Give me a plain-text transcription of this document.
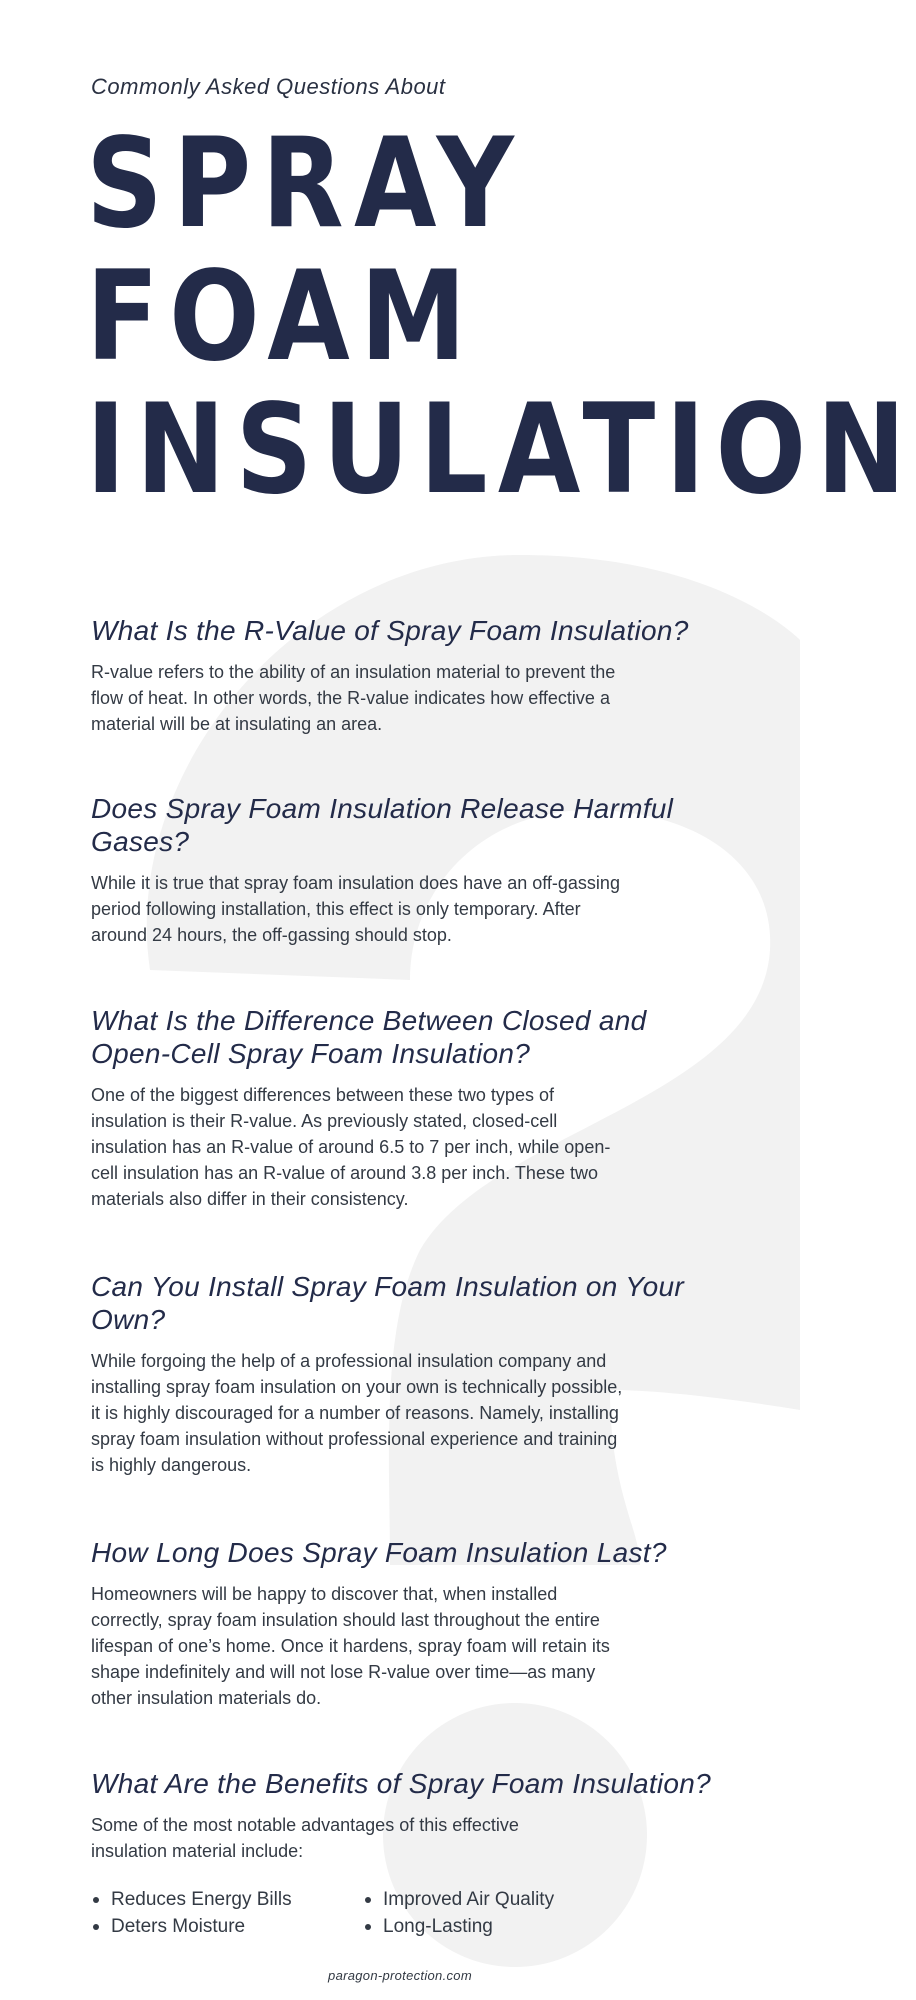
Commonly Asked Questions About

SPRAY
FOAM
INSULATION
What Is the R-Value of Spray Foam Insulation?

R-value refers to the ability of an insulation material to prevent the flow of heat. In other words, the R-value indicates how effective a material will be at insulating an area.

Does Spray Foam Insulation Release Harmful Gases?

While it is true that spray foam insulation does have an off-gassing period following installation, this effect is only temporary. After around 24 hours, the off-gassing should stop.

What Is the Difference Between Closed and Open-Cell Spray Foam Insulation?

One of the biggest differences between these two types of insulation is their R-value. As previously stated, closed-cell insulation has an R-value of around 6.5 to 7 per inch, while open-cell insulation has an R-value of around 3.8 per inch. These two materials also differ in their consistency.

Can You Install Spray Foam Insulation on Your Own?

While forgoing the help of a professional insulation company and installing spray foam insulation on your own is technically possible, it is highly discouraged for a number of reasons. Namely, installing spray foam insulation without professional experience and training is highly dangerous.

How Long Does Spray Foam Insulation Last?

Homeowners will be happy to discover that, when installed correctly, spray foam insulation should last throughout the entire lifespan of one’s home. Once it hardens, spray foam will retain its shape indefinitely and will not lose R-value over time—as many other insulation materials do.

What Are the Benefits of Spray Foam Insulation?

Some of the most notable advantages of this effective insulation material include:

Reduces Energy Bills	Improved Air Quality
Deters Moisture	Long-Lasting
paragon-protection.com
